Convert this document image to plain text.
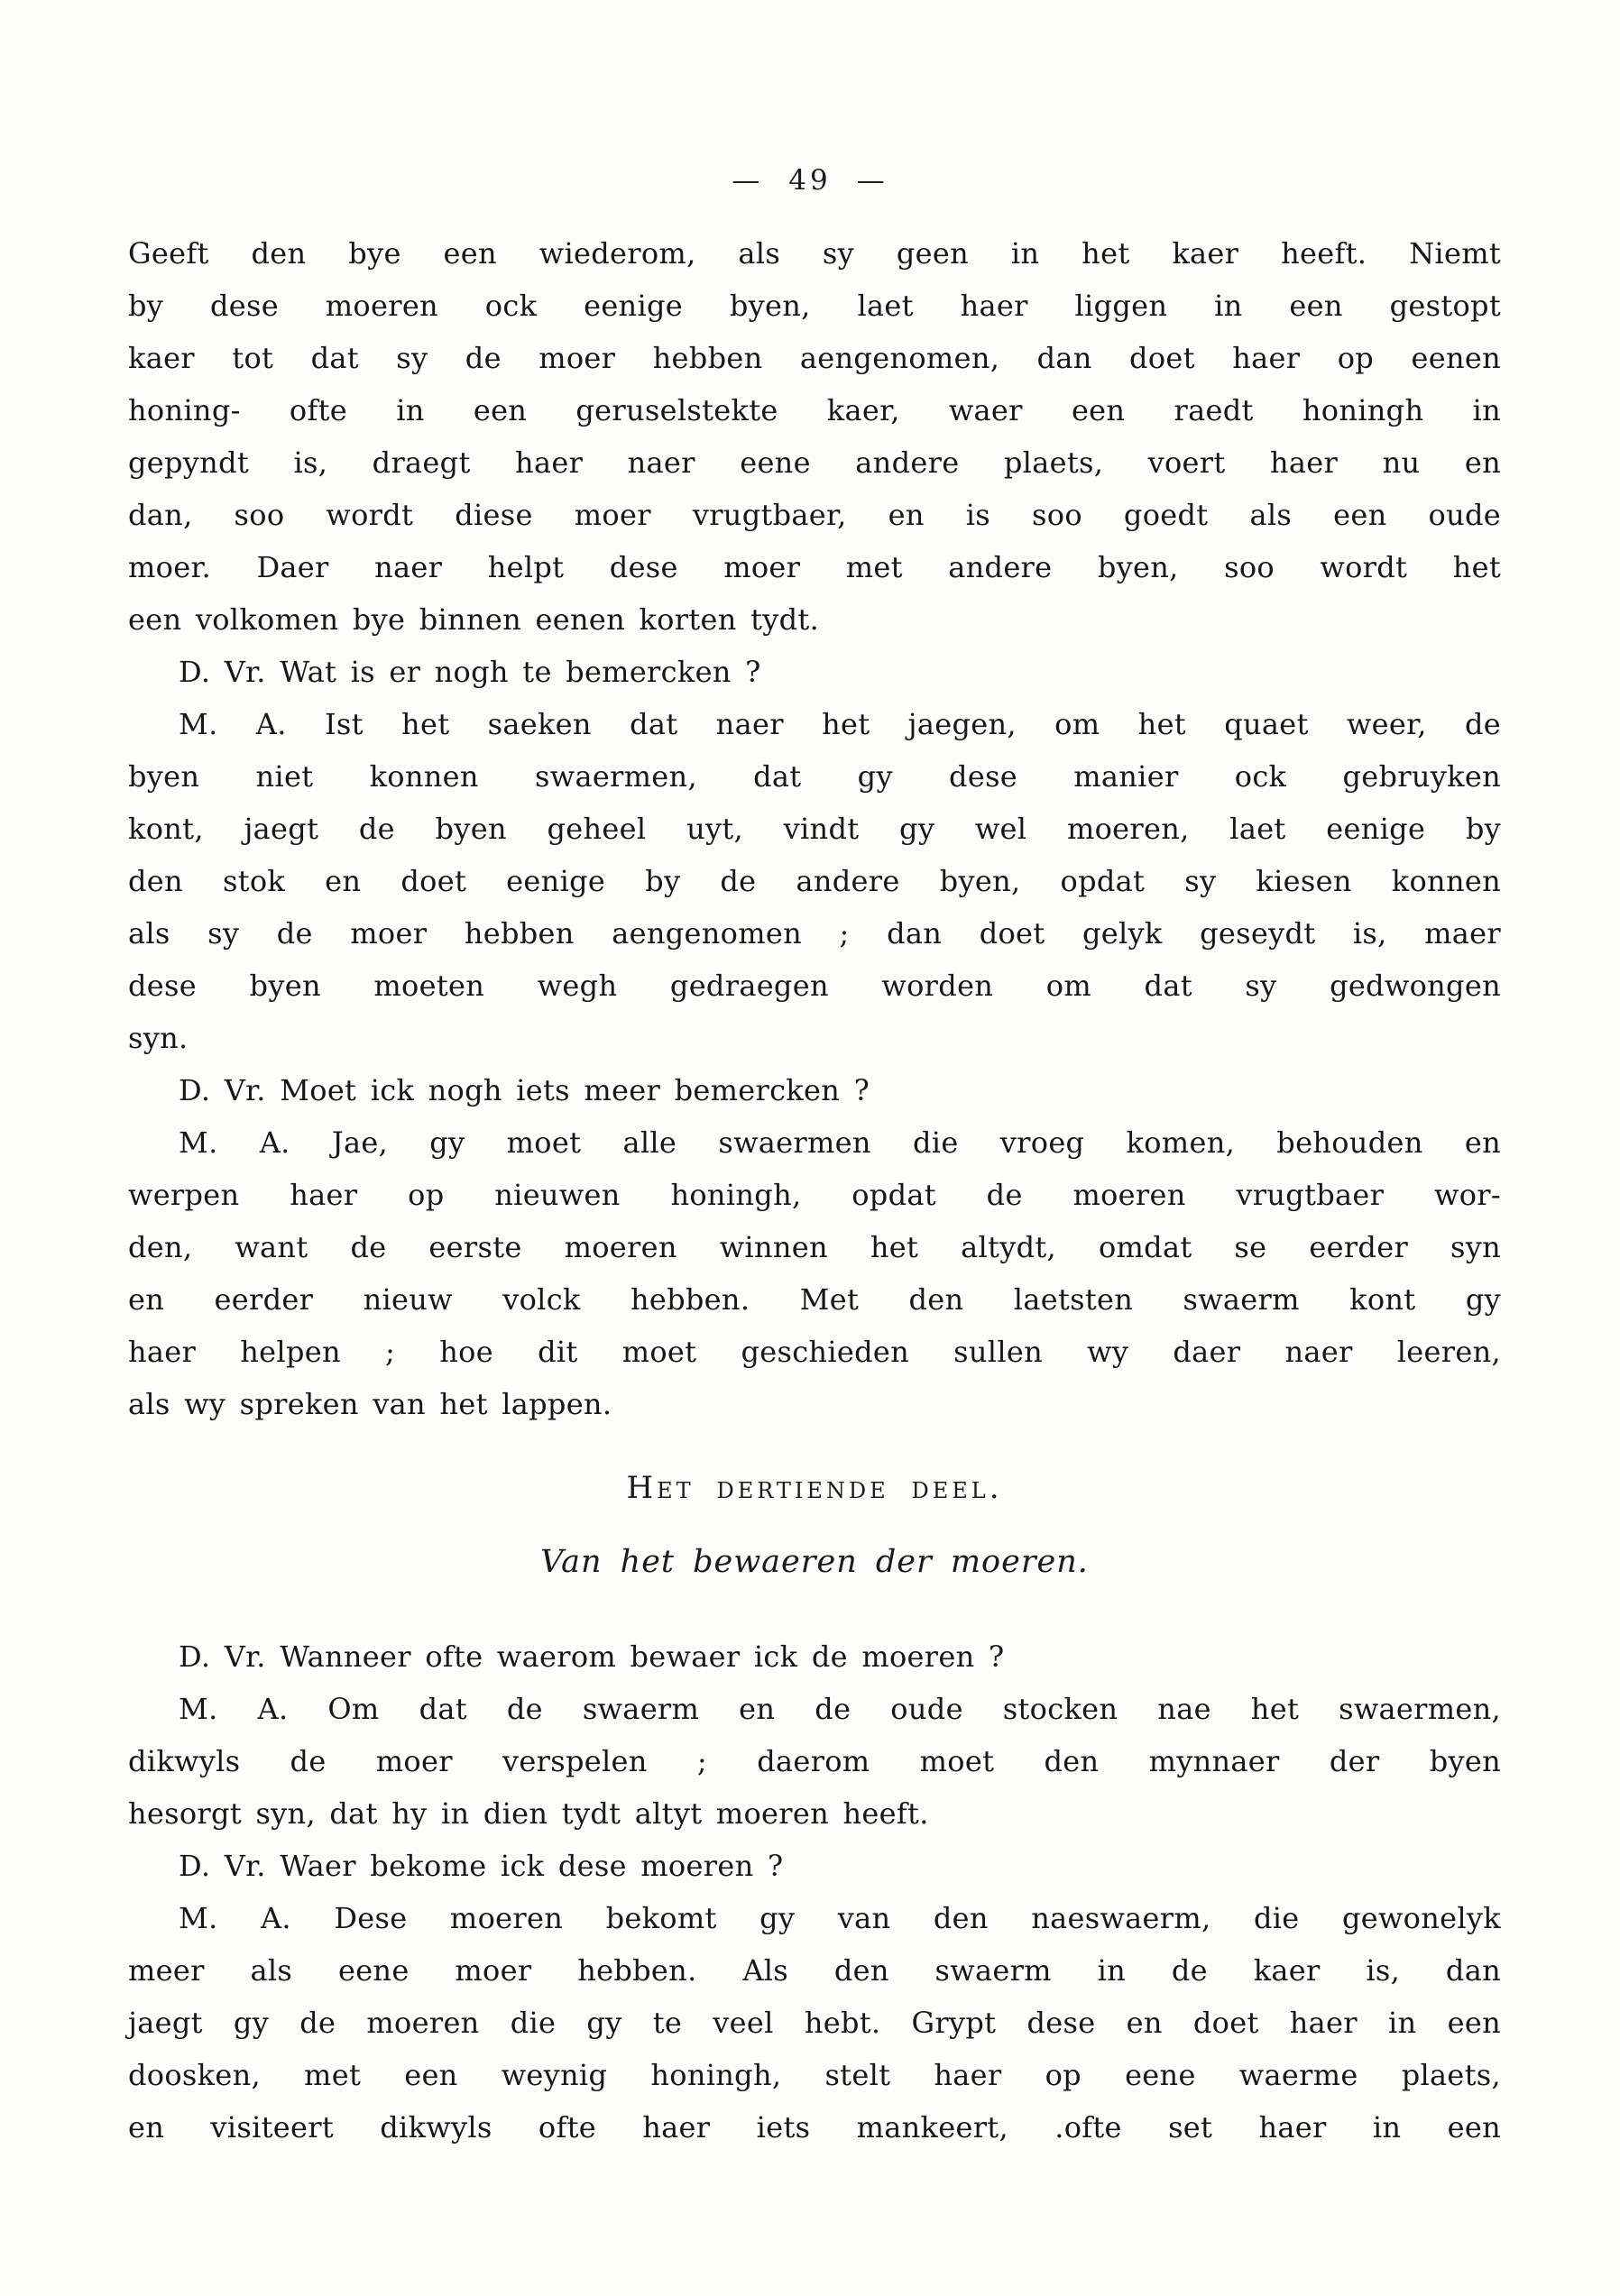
— 49 —
Geeft den bye een wiederom, als sy geen in het kaer heeft. Niemt
by dese moeren ock eenige byen, laet haer liggen in een gestopt
kaer tot dat sy de moer hebben aengenomen, dan doet haer op eenen
honing- ofte in een geruselstekte kaer, waer een raedt honingh in
gepyndt is, draegt haer naer eene andere plaets, voert haer nu en
dan, soo wordt diese moer vrugtbaer, en is soo goedt als een oude
moer. Daer naer helpt dese moer met andere byen, soo wordt het
een volkomen bye binnen eenen korten tydt.
D. Vr. Wat is er nogh te bemercken ?
M. A. Ist het saeken dat naer het jaegen, om het quaet weer, de
byen niet konnen swaermen, dat gy dese manier ock gebruyken
kont, jaegt de byen geheel uyt, vindt gy wel moeren, laet eenige by
den stok en doet eenige by de andere byen, opdat sy kiesen konnen
als sy de moer hebben aengenomen ; dan doet gelyk geseydt is, maer
dese byen moeten wegh gedraegen worden om dat sy gedwongen
syn.
D. Vr. Moet ick nogh iets meer bemercken ?
M. A. Jae, gy moet alle swaermen die vroeg komen, behouden en
werpen haer op nieuwen honingh, opdat de moeren vrugtbaer wor-
den, want de eerste moeren winnen het altydt, omdat se eerder syn
en eerder nieuw volck hebben. Met den laetsten swaerm kont gy
haer helpen ; hoe dit moet geschieden sullen wy daer naer leeren,
als wy spreken van het lappen.
Het dertiende deel.
Van het bewaeren der moeren.
D. Vr. Wanneer ofte waerom bewaer ick de moeren ?
M. A. Om dat de swaerm en de oude stocken nae het swaermen,
dikwyls de moer verspelen ; daerom moet den mynnaer der byen
hesorgt syn, dat hy in dien tydt altyt moeren heeft.
D. Vr. Waer bekome ick dese moeren ?
M. A. Dese moeren bekomt gy van den naeswaerm, die gewonelyk
meer als eene moer hebben. Als den swaerm in de kaer is, dan
jaegt gy de moeren die gy te veel hebt. Grypt dese en doet haer in een
doosken, met een weynig honingh, stelt haer op eene waerme plaets,
en visiteert dikwyls ofte haer iets mankeert, .ofte set haer in een
